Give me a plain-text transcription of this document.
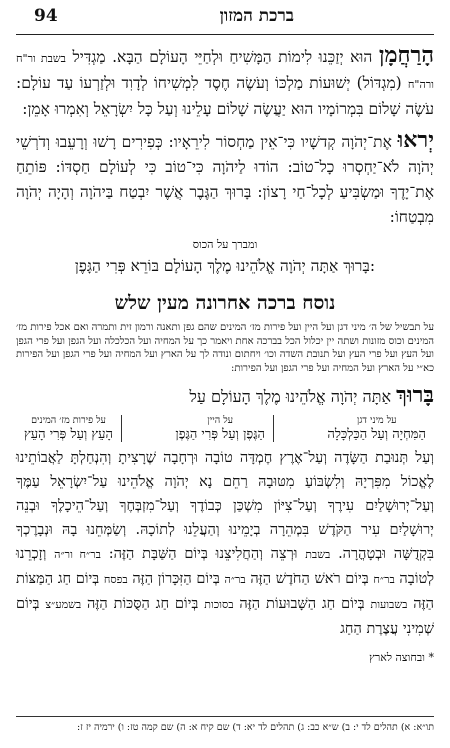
ברכת המזון
94

הָרַחֲמָן הוּא יְזַכֵּנוּ לִימוֹת הַמָּשִׁיחַ וּלְחַיֵּי הָעוֹלָם הַבָּא. מַגְדִּיל בשבת ור"ח ורה"ח (מִגְדּוֹל) יְשׁוּעוֹת מַלְכּוֹ וְעֹשֶׂה חֶסֶד לִמְשִׁיחוֹ לְדָוִד וּלְזַרְעוֹ עַד עוֹלָם: עֹשֶׂה שָׁלוֹם בִּמְרוֹמָיו הוּא יַעֲשֶׂה שָׁלוֹם עָלֵינוּ וְעַל כָּל יִשְׂרָאֵל וְאִמְרוּ אָמֵן:

יְראוּ אֶת־יְהֹוָה קְדשָׁיו כִּי־אֵין מַחְסוֹר לִירֵאָיו: כְּפִירִים רָשׁוּ וְרָעֵבוּ וְדֹרְשֵׁי יְהֹוָה לֹא־יַחְסְרוּ כָל־טוֹב: הוֹדוּ לַיהֹוָה כִּי־טוֹב כִּי לְעוֹלָם חַסְדּוֹ: פּוֹתֵחַ אֶת־יָדֶךָ וּמַשְׂבִּיעַ לְכָל־חַי רָצוֹן: בָּרוּךְ הַגֶּבֶר אֲשֶׁר יִבְטַח בַּיהֹוָה וְהָיָה יְהֹוָה מִבְטַחוֹ:

ומברך על הכוס

בָּרוּךְ אַתָּה יְהֹוָה אֱלֹהֵינוּ מֶלֶךְ הָעוֹלָם בּוֹרֵא פְּרִי הַגָּפֶן:

נוסח ברכה אחרונה מעין שלש

על תבשיל של ה׳ מיני דגן ועל היין ועל פירות מז׳ המינים שהם גפן ותאנה ורמון זית ותמרה ואם אכל פירות מז׳ המינים וכוס מזונות ושתה יין יכלול הכל בברכה אחת ויאמר כך על המחיה ועל הכלכלה ועל הגפן ועל פרי הגפן ועל העץ ועל פרי העץ ועל תנובת השדה וכו׳ ויחתום ונודה לך על הארץ ועל המחיה ועל פרי הגפן ועל הפירות כא״י על הארץ ועל המחיה ועל פרי הגפן ועל הפירות:

בָּרוּךְ אַתָּה יְהֹוָה אֱלֹהֵינוּ מֶלֶךְ הָעוֹלָם עַל

על מיני דגן
הַמִּחְיָה וְעַל הַכַּלְכָּלָה
על היין
הַגֶּפֶן וְעַל פְּרִי הַגֶּפֶן
על פירות מז׳ המינים
הָעֵץ וְעַל פְּרִי הָעֵץ

וְעַל תְּנוּבַת הַשָּׂדֶה וְעַל־אֶרֶץ חֶמְדָּה טוֹבָה וּרְחָבָה שֶׁרָצִיתָ וְהִנְחַלְתָּ לַאֲבוֹתֵינוּ לֶאֱכוֹל מִפִּרְיָהּ וְלִשְׂבּוֹעַ מִטּוּבָהּ רַחֵם נָא יְהֹוָה אֱלֹהֵינוּ עַל־יִשְׂרָאֵל עַמֶּךָ וְעַל־יְרוּשָׁלַיִם עִירֶךָ וְעַל־צִיּוֹן מִשְׁכַּן כְּבוֹדֶךָ וְעַל־מִזְבְּחֶךָ וְעַל־הֵיכָלֶךָ וּבְנֵה יְרוּשָׁלַיִם עִיר הַקֹּדֶשׁ בִּמְהֵרָה בְיָמֵינוּ וְהַעֲלֵנוּ לְתוֹכָהּ. וְשַׂמְּחֵנוּ בָהּ וּנְבָרֶכְךָ בִּקְדֻשָּׁה וּבְטָהֳרָה. בשבת וּרְצֵה וְהַחֲלִיצֵנוּ בְּיוֹם הַשַּׁבָּת הַזֶּה: בר״ח ור״ה וְזָכְרֵנוּ לְטוֹבָה בר״ח בְּיוֹם רֹאשׁ הַחֹדֶשׁ הַזֶּה בר״ה בְּיוֹם הַזִּכָּרוֹן הַזֶּה בפסח בְּיוֹם חַג הַמַּצּוֹת הַזֶּה בשבועות בְּיוֹם חַג הַשָּׁבוּעוֹת הַזֶּה בסוכות בְּיוֹם חַג הַסֻּכּוֹת הַזֶּה בשמע״צ בְּיוֹם שְׁמִינִי עֲצֶרֶת הַחַג

* ובחוצה לארץ

תו״א: א) תהלים לד י: ב) ש״א כב: ג) תהלים לד יא: ד) שם קיח א: ה) שם קמה טז: ו) ירמיה יז ז:
